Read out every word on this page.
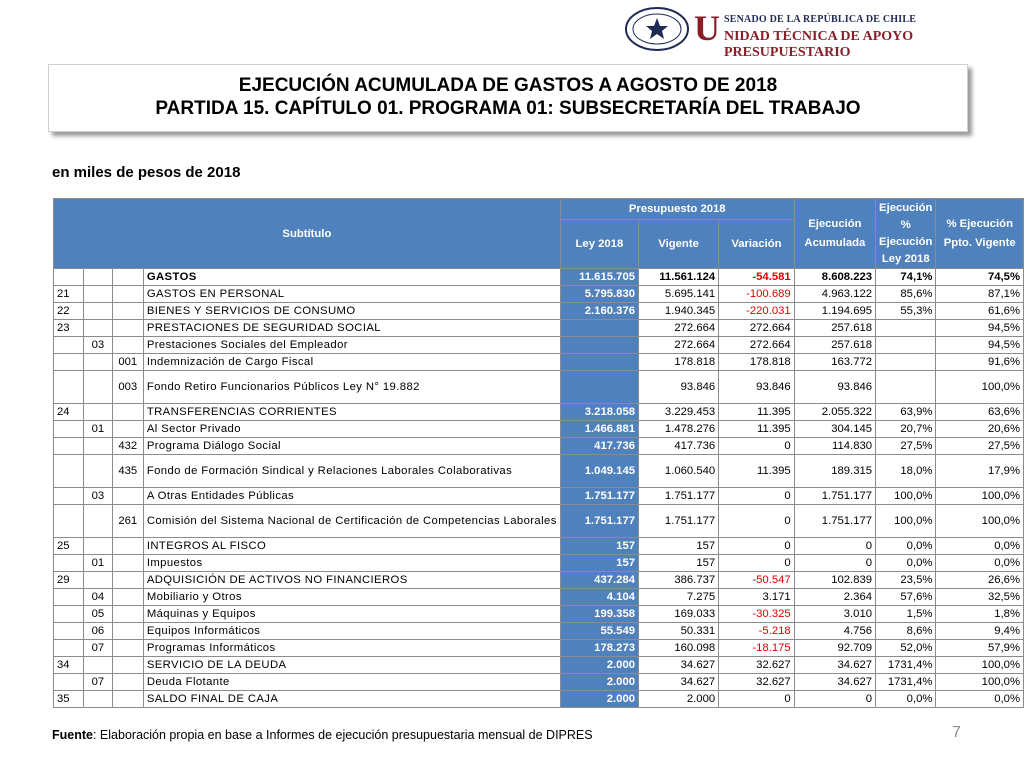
U SENADO DE LA REPÚBLICA DE CHILE
NIDAD TÉCNICA DE APOYO PRESUPUESTARIO
EJECUCIÓN ACUMULADA DE GASTOS A AGOSTO DE 2018
PARTIDA 15. CAPÍTULO 01. PROGRAMA 01: SUBSECRETARÍA DEL TRABAJO
en miles de pesos de 2018
Subtítulo				Presupuesto 2018			Ejecución Acumulada	Ejecución % Ejecución Ley 2018	% Ejecución Ppto. Vigente
				Ley 2018	Vigente	Variación			
			GASTOS	11.615.705	11.561.124	-54.581	8.608.223	74,1%	74,5%
21			GASTOS EN PERSONAL	5.795.830	5.695.141	-100.689	4.963.122	85,6%	87,1%
22			BIENES Y SERVICIOS DE CONSUMO	2.160.376	1.940.345	-220.031	1.194.695	55,3%	61,6%
23			PRESTACIONES DE SEGURIDAD SOCIAL		272.664	272.664	257.618		94,5%
	03		Prestaciones Sociales del Empleador		272.664	272.664	257.618		94,5%
		001	Indemnización de Cargo Fiscal		178.818	178.818	163.772		91,6%
		003	Fondo Retiro Funcionarios Públicos Ley N° 19.882		93.846	93.846	93.846		100,0%
24			TRANSFERENCIAS CORRIENTES	3.218.058	3.229.453	11.395	2.055.322	63,9%	63,6%
	01		Al Sector Privado	1.466.881	1.478.276	11.395	304.145	20,7%	20,6%
		432	Programa Diálogo Social	417.736	417.736	0	114.830	27,5%	27,5%
		435	Fondo de Formación Sindical y Relaciones Laborales Colaborativas	1.049.145	1.060.540	11.395	189.315	18,0%	17,9%
	03		A Otras Entidades Públicas	1.751.177	1.751.177	0	1.751.177	100,0%	100,0%
		261	Comisión del Sistema Nacional de Certificación de Competencias Laborales	1.751.177	1.751.177	0	1.751.177	100,0%	100,0%
25			INTEGROS AL FISCO	157	157	0	0	0,0%	0,0%
	01		Impuestos	157	157	0	0	0,0%	0,0%
29			ADQUISICIÓN DE ACTIVOS NO FINANCIEROS	437.284	386.737	-50.547	102.839	23,5%	26,6%
	04		Mobiliario y Otros	4.104	7.275	3.171	2.364	57,6%	32,5%
	05		Máquinas y Equipos	199.358	169.033	-30.325	3.010	1,5%	1,8%
	06		Equipos Informáticos	55.549	50.331	-5.218	4.756	8,6%	9,4%
	07		Programas Informáticos	178.273	160.098	-18.175	92.709	52,0%	57,9%
34			SERVICIO DE LA DEUDA	2.000	34.627	32.627	34.627	1731,4%	100,0%
	07		Deuda Flotante	2.000	34.627	32.627	34.627	1731,4%	100,0%
35			SALDO FINAL DE CAJA	2.000	2.000	0	0	0,0%	0,0%
Fuente: Elaboración propia en base a Informes de ejecución presupuestaria mensual de DIPRES	7
